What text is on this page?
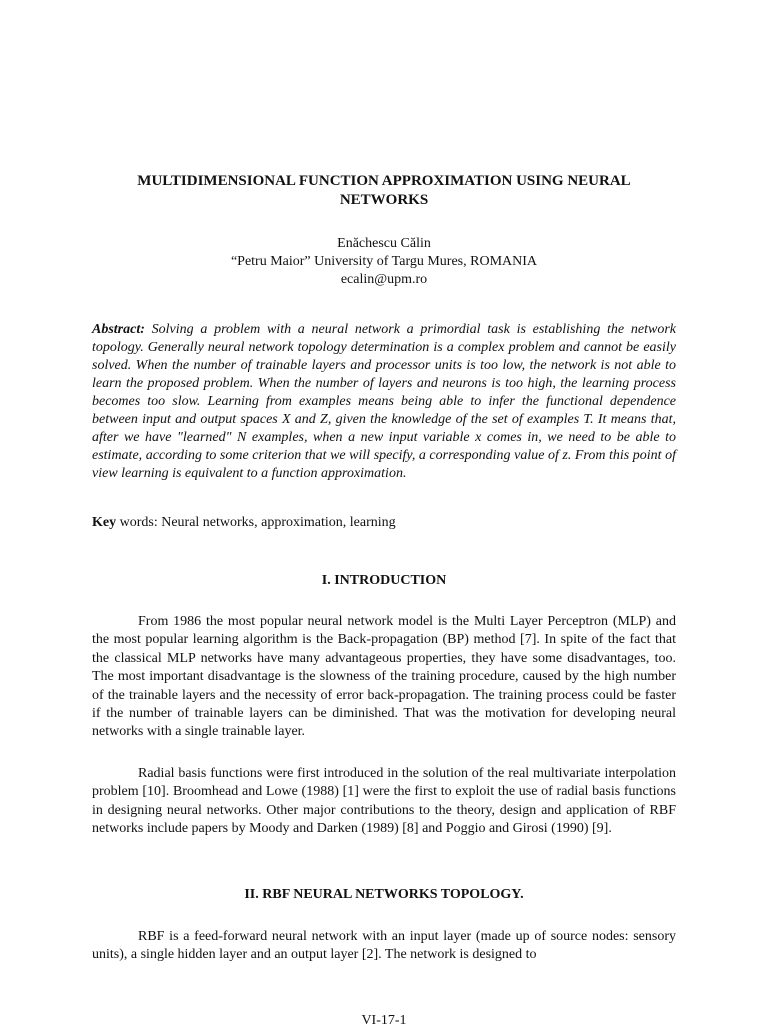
MULTIDIMENSIONAL FUNCTION APPROXIMATION USING NEURAL NETWORKS
Enăchescu Călin
“Petru Maior” University of Targu Mures, ROMANIA
ecalin@upm.ro

Abstract: Solving a problem with a neural network a primordial task is establishing the network topology. Generally neural network topology determination is a complex problem and cannot be easily solved. When the number of trainable layers and processor units is too low, the network is not able to learn the proposed problem. When the number of layers and neurons is too high, the learning process becomes too slow. Learning from examples means being able to infer the functional dependence between input and output spaces X and Z, given the knowledge of the set of examples T. It means that, after we have "learned" N examples, when a new input variable x comes in, we need to be able to estimate, according to some criterion that we will specify, a corresponding value of z. From this point of view learning is equivalent to a function approximation.

Key words: Neural networks, approximation, learning

I. INTRODUCTION

From 1986 the most popular neural network model is the Multi Layer Perceptron (MLP) and the most popular learning algorithm is the Back-propagation (BP) method [7]. In spite of the fact that the classical MLP networks have many advantageous properties, they have some disadvantages, too. The most important disadvantage is the slowness of the training procedure, caused by the high number of the trainable layers and the necessity of error back-propagation. The training process could be faster if the number of trainable layers can be diminished. That was the motivation for developing neural networks with a single trainable layer.

Radial basis functions were first introduced in the solution of the real multivariate interpolation problem [10]. Broomhead and Lowe (1988) [1] were the first to exploit the use of radial basis functions in designing neural networks. Other major contributions to the theory, design and application of RBF networks include papers by Moody and Darken (1989) [8] and Poggio and Girosi (1990) [9].

II. RBF NEURAL NETWORKS TOPOLOGY.

RBF is a feed-forward neural network with an input layer (made up of source nodes: sensory units), a single hidden layer and an output layer [2]. The network is designed to

VI-17-1
